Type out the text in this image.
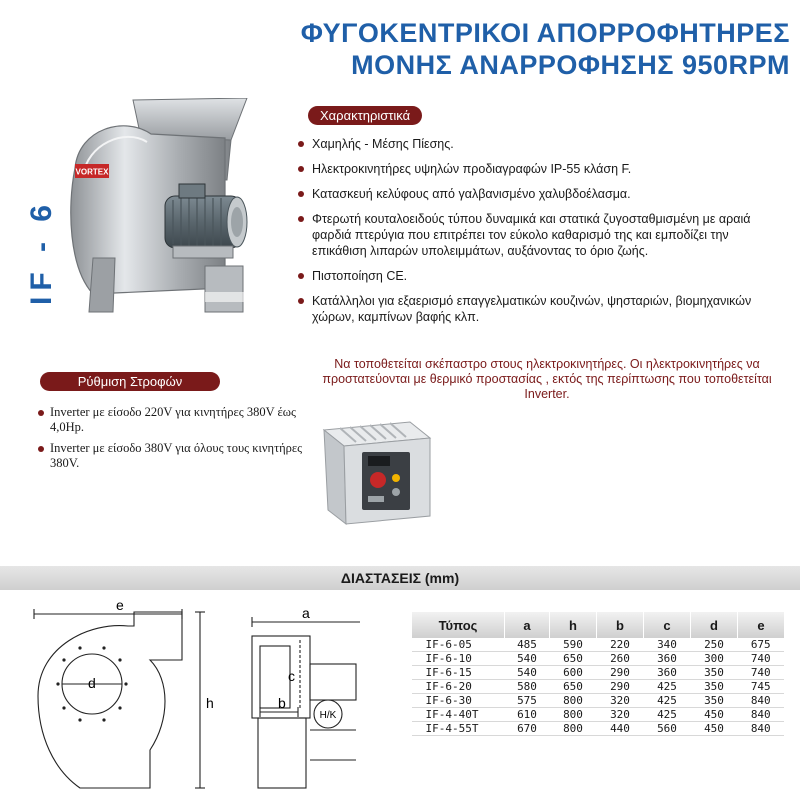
ΦΥΓΟΚΕΝΤΡΙΚΟΙ ΑΠΟΡΡΟΦΗΤΗΡΕΣ
ΜΟΝΗΣ ΑΝΑΡΡΟΦΗΣΗΣ 950RPM
IF - 6
VORTEX
Χαρακτηριστικά
Χαμηλής - Μέσης Πίεσης.
Ηλεκτροκινητήρες υψηλών προδιαγραφών IP-55 κλάση F.
Κατασκευή κελύφους από γαλβανισμένο χαλυβδοέλασμα.
Φτερωτή κουταλοειδούς τύπου δυναμικά και στατικά ζυγοσταθμισμένη με αραιά φαρδιά πτερύγια που επιτρέπει τον εύκολο καθαρισμό της και εμποδίζει την επικάθιση λιπαρών υπολειμμάτων, αυξάνοντας το όριο ζωής.
Πιστοποίηση CE.
Κατάλληλοι για εξαερισμό επαγγελματικών κουζινών, ψησταριών, βιομηχανικών χώρων, καμπίνων βαφής κλπ.
Να τοποθετείται σκέπαστρο στους ηλεκτροκινητήρες. Οι ηλεκτροκινητήρες να προστατεύονται με θερμικό προστασίας , εκτός της περίπτωσης που τοποθετείται Inverter.
Ρύθμιση Στροφών
Inverter με είσοδο 220V για κινητήρες 380V έως 4,0Hp.
Inverter με είσοδο 380V για όλους τους κινητήρες 380V.
ΔΙΑΣΤΑΣΕΙΣ (mm)
e
d
h
a
c
b
H/K
Τύπος	a	h	b	c	d	e
IF-6-05	485	590	220	340	250	675
IF-6-10	540	650	260	360	300	740
IF-6-15	540	600	290	360	350	740
IF-6-20	580	650	290	425	350	745
IF-6-30	575	800	320	425	350	840
IF-4-40T	610	800	320	425	450	840
IF-4-55T	670	800	440	560	450	840
